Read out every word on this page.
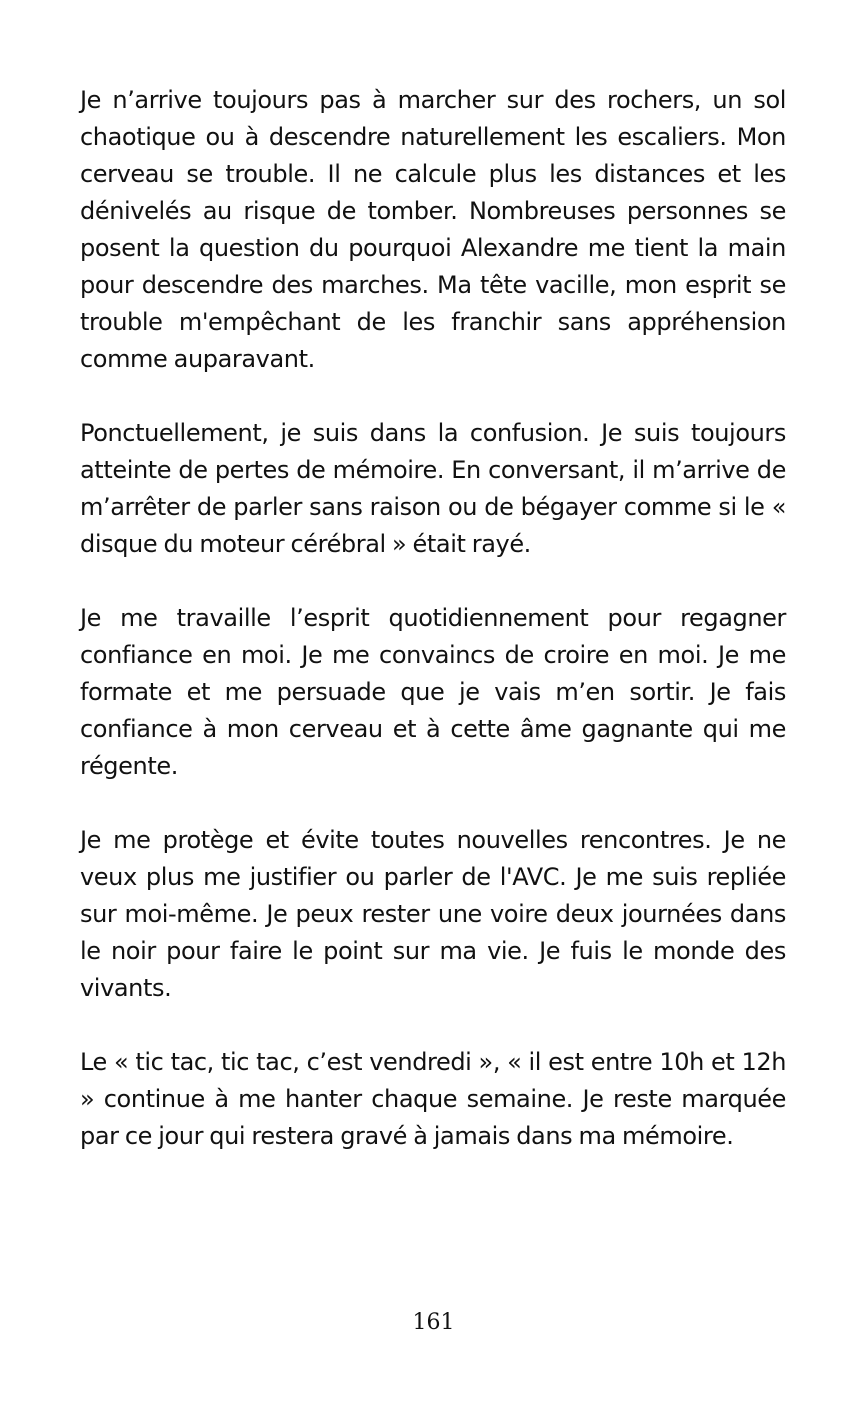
Je n’arrive toujours pas à marcher sur des rochers, un sol chaotique ou à descendre naturellement les escaliers. Mon cerveau se trouble. Il ne calcule plus les distances et les dénivelés au risque de tomber. Nombreuses personnes se posent la question du pourquoi Alexandre me tient la main pour descendre des marches. Ma tête vacille, mon esprit se trouble m'empêchant de les franchir sans appréhension comme auparavant.

Ponctuellement, je suis dans la confusion. Je suis toujours atteinte de pertes de mémoire. En conversant, il m’arrive de m’arrêter de parler sans raison ou de bégayer comme si le « disque du moteur cérébral » était rayé.

Je me travaille l’esprit quotidiennement pour regagner confiance en moi. Je me convaincs de croire en moi. Je me formate et me persuade que je vais m’en sortir. Je fais confiance à mon cerveau et à cette âme gagnante qui me régente.

Je me protège et évite toutes nouvelles rencontres. Je ne veux plus me justifier ou parler de l'AVC. Je me suis repliée sur moi-même. Je peux rester une voire deux journées dans le noir pour faire le point sur ma vie. Je fuis le monde des vivants.

Le « tic tac, tic tac, c’est vendredi », « il est entre 10h et 12h » continue à me hanter chaque semaine. Je reste marquée par ce jour qui restera gravé à jamais dans ma mémoire.

161
